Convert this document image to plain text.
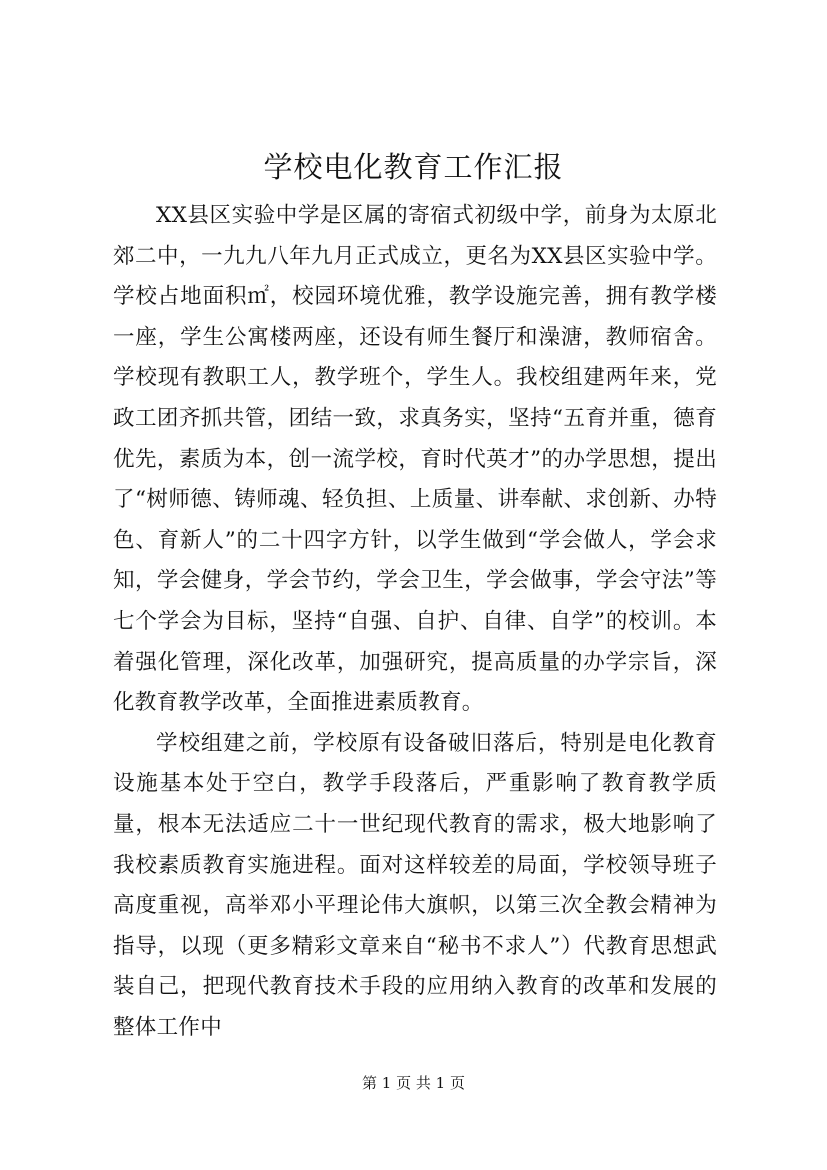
学校电化教育工作汇报

XX县区实验中学是区属的寄宿式初级中学，前身为太原北郊二中，一九九八年九月正式成立，更名为XX县区实验中学。学校占地面积㎡，校园环境优雅，教学设施完善，拥有教学楼一座，学生公寓楼两座，还设有师生餐厅和澡溏，教师宿舍。学校现有教职工人，教学班个，学生人。我校组建两年来，党政工团齐抓共管，团结一致，求真务实，坚持“五育并重，德育优先，素质为本，创一流学校，育时代英才”的办学思想，提出了“树师德、铸师魂、轻负担、上质量、讲奉献、求创新、办特色、育新人”的二十四字方针，以学生做到“学会做人，学会求知，学会健身，学会节约，学会卫生，学会做事，学会守法”等七个学会为目标，坚持“自强、自护、自律、自学”的校训。本着强化管理，深化改革，加强研究，提高质量的办学宗旨，深化教育教学改革，全面推进素质教育。

学校组建之前，学校原有设备破旧落后，特别是电化教育设施基本处于空白，教学手段落后，严重影响了教育教学质量，根本无法适应二十一世纪现代教育的需求，极大地影响了我校素质教育实施进程。面对这样较差的局面，学校领导班子高度重视，高举邓小平理论伟大旗帜，以第三次全教会精神为指导，以现（更多精彩文章来自“秘书不求人”）代教育思想武装自己，把现代教育技术手段的应用纳入教育的改革和发展的整体工作中

第 1 页 共 1 页
